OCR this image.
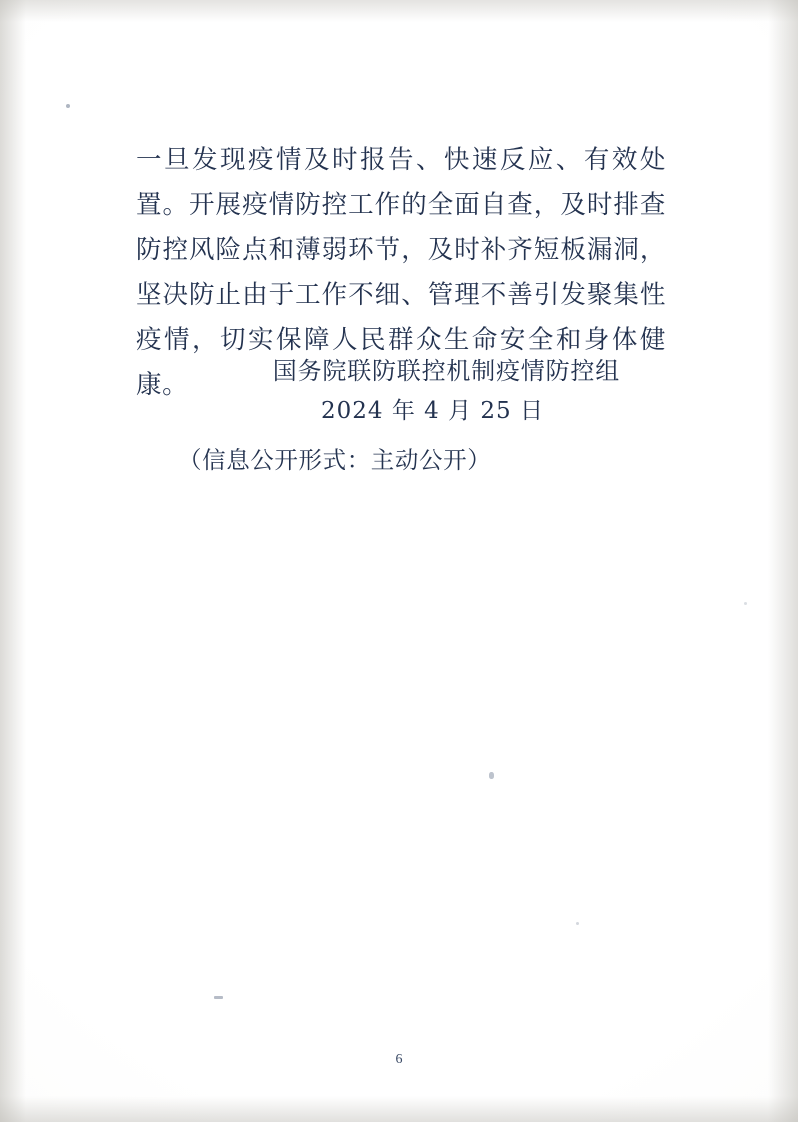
一旦发现疫情及时报告、快速反应、有效处置。开展疫情防控工作的全面自查，及时排查防控风险点和薄弱环节，及时补齐短板漏洞，坚决防止由于工作不细、管理不善引发聚集性疫情，切实保障人民群众生命安全和身体健康。	国务院联防联控机制疫情防控组
2024 年 4 月 25 日
（信息公开形式：主动公开）
6
